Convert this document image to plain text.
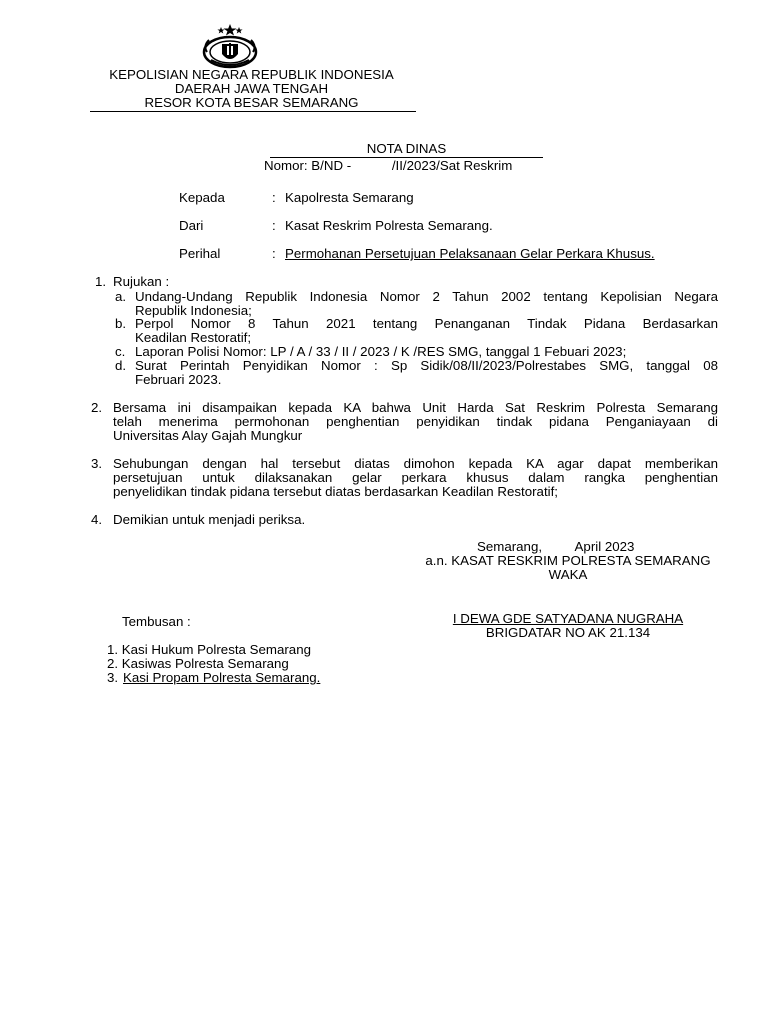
KEPOLISIAN NEGARA REPUBLIK INDONESIA
DAERAH JAWA TENGAH
RESOR KOTA BESAR SEMARANG
NOTA DINAS
Nomor: B/ND -           /II/2023/Sat Reskrim
Kepada	: Kapolresta Semarang
Dari	: Kasat Reskrim Polresta Semarang.
Perihal	: Permohanan Persetujuan Pelaksanaan Gelar Perkara Khusus.
1. Rujukan :
a. Undang-Undang Republik Indonesia Nomor 2 Tahun 2002 tentang Kepolisian Negara
Republik Indonesia;
b. Perpol Nomor 8 Tahun 2021 tentang Penanganan Tindak Pidana Berdasarkan
Keadilan Restoratif;
c. Laporan Polisi Nomor: LP / A / 33 / II / 2023 / K /RES SMG, tanggal 1 Febuari 2023;
d. Surat Perintah Penyidikan Nomor : Sp Sidik/08/II/2023/Polrestabes SMG, tanggal 08
Februari 2023.
2. Bersama ini disampaikan kepada KA bahwa Unit Harda Sat Reskrim Polresta Semarang
telah menerima permohonan penghentian penyidikan tindak pidana Penganiayaan di
Universitas Alay Gajah Mungkur
3. Sehubungan dengan hal tersebut diatas dimohon kepada KA agar dapat memberikan
persetujuan untuk dilaksanakan gelar perkara khusus dalam rangka penghentian
penyelidikan tindak pidana tersebut diatas berdasarkan Keadilan Restoratif;
4. Demikian untuk menjadi periksa.
Semarang,         April 2023
a.n. KASAT RESKRIM POLRESTA SEMARANG
WAKA
I DEWA GDE SATYADANA NUGRAHA
BRIGDATAR NO AK 21.134
Tembusan :
1. Kasi Hukum Polresta Semarang
2. Kasiwas Polresta Semarang
3. Kasi Propam Polresta Semarang.
